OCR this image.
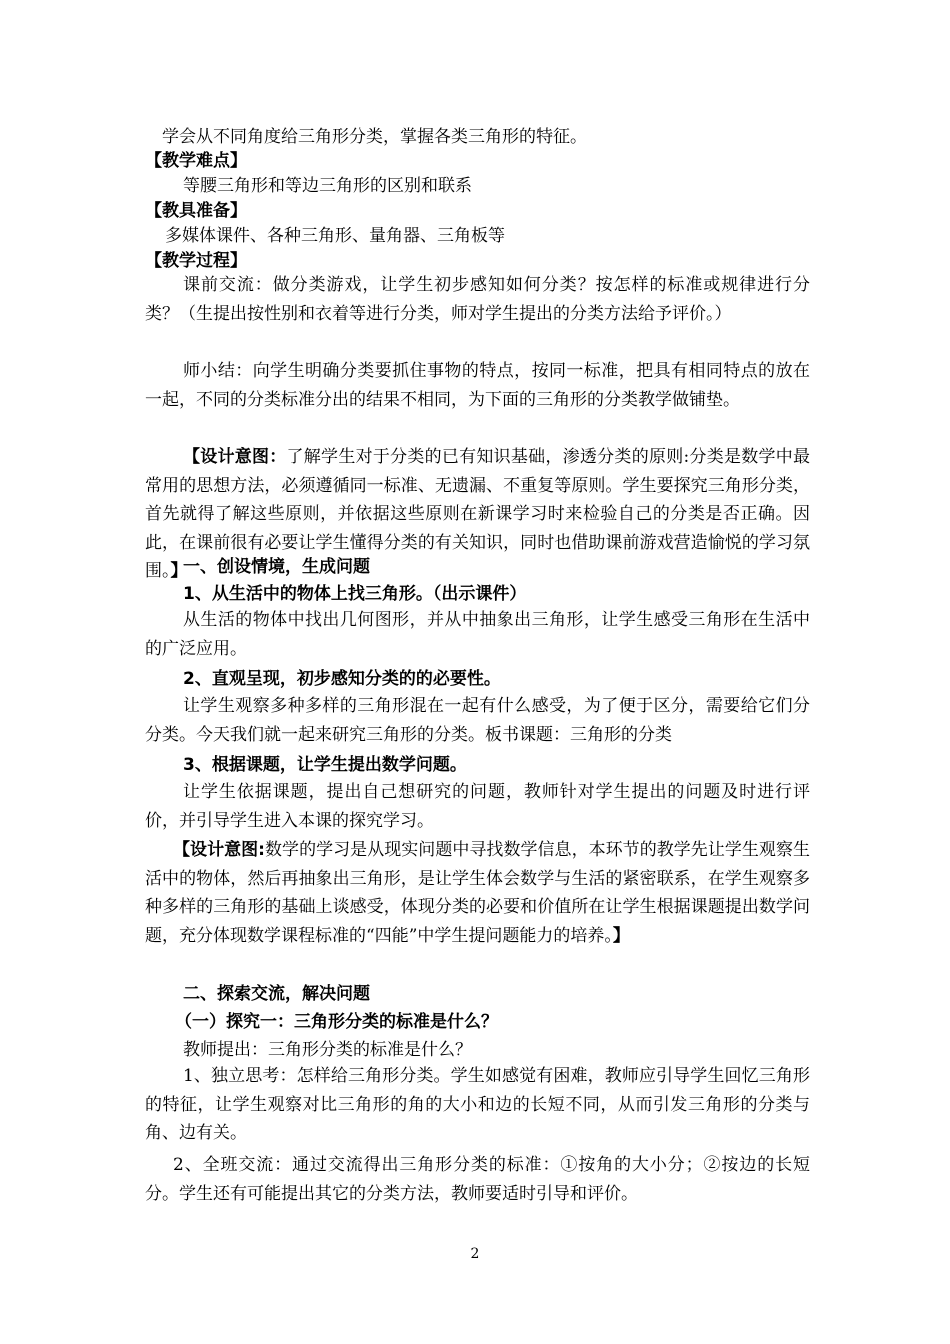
学会从不同角度给三角形分类，掌握各类三角形的特征。
【教学难点】
等腰三角形和等边三角形的区别和联系
【教具准备】
多媒体课件、各种三角形、量角器、三角板等
【教学过程】
课前交流：做分类游戏，让学生初步感知如何分类？按怎样的标准或规律进行分类？（生提出按性别和衣着等进行分类，师对学生提出的分类方法给予评价。）
师小结：向学生明确分类要抓住事物的特点，按同一标准，把具有相同特点的放在一起，不同的分类标准分出的结果不相同，为下面的三角形的分类教学做铺垫。
【设计意图：了解学生对于分类的已有知识基础，渗透分类的原则:分类是数学中最常用的思想方法，必须遵循同一标准、无遗漏、不重复等原则。学生要探究三角形分类，首先就得了解这些原则，并依据这些原则在新课学习时来检验自己的分类是否正确。因此，在课前很有必要让学生懂得分类的有关知识，同时也借助课前游戏营造愉悦的学习氛围。】
一、创设情境，生成问题
1、从生活中的物体上找三角形。（出示课件）
从生活的物体中找出几何图形，并从中抽象出三角形，让学生感受三角形在生活中的广泛应用。
2、直观呈现，初步感知分类的的必要性。
让学生观察多种多样的三角形混在一起有什么感受，为了便于区分，需要给它们分分类。今天我们就一起来研究三角形的分类。板书课题：三角形的分类
3、根据课题，让学生提出数学问题。
让学生依据课题，提出自己想研究的问题，教师针对学生提出的问题及时进行评价，并引导学生进入本课的探究学习。
【设计意图:数学的学习是从现实问题中寻找数学信息，本环节的教学先让学生观察生活中的物体，然后再抽象出三角形，是让学生体会数学与生活的紧密联系，在学生观察多种多样的三角形的基础上谈感受，体现分类的必要和价值所在让学生根据课题提出数学问题，充分体现数学课程标准的“四能”中学生提问题能力的培养。】
二、探索交流，解决问题
（一）探究一：三角形分类的标准是什么？
教师提出：三角形分类的标准是什么？
1、独立思考：怎样给三角形分类。学生如感觉有困难，教师应引导学生回忆三角形的特征，让学生观察对比三角形的角的大小和边的长短不同，从而引发三角形的分类与角、边有关。
2、全班交流：通过交流得出三角形分类的标准：①按角的大小分；②按边的长短分。学生还有可能提出其它的分类方法，教师要适时引导和评价。
2
